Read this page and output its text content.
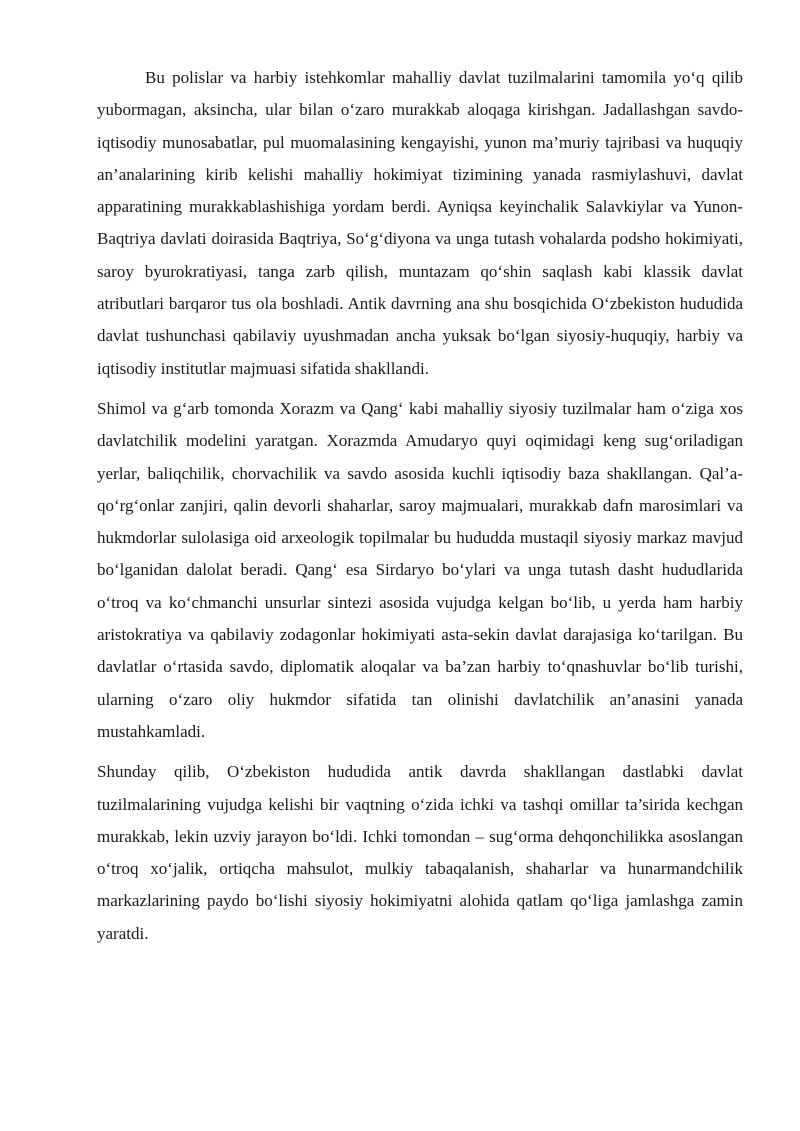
Bu polislar va harbiy istehkomlar mahalliy davlat tuzilmalarini tamomila yo‘q qilib yubormagan, aksincha, ular bilan o‘zaro murakkab aloqaga kirishgan. Jadallashgan savdo-iqtisodiy munosabatlar, pul muomalasining kengayishi, yunon ma’muriy tajribasi va huquqiy an’analarining kirib kelishi mahalliy hokimiyat tizimining yanada rasmiylashuvi, davlat apparatining murakkablashishiga yordam berdi. Ayniqsa keyinchalik Salavkiylar va Yunon-Baqtriya davlati doirasida Baqtriya, So‘g‘diyona va unga tutash vohalarda podsho hokimiyati, saroy byurokratiyasi, tanga zarb qilish, muntazam qo‘shin saqlash kabi klassik davlat atributlari barqaror tus ola boshladi. Antik davrning ana shu bosqichida O‘zbekiston hududida davlat tushunchasi qabilaviy uyushmadan ancha yuksak bo‘lgan siyosiy-huquqiy, harbiy va iqtisodiy institutlar majmuasi sifatida shakllandi.

Shimol va g‘arb tomonda Xorazm va Qang‘ kabi mahalliy siyosiy tuzilmalar ham o‘ziga xos davlatchilik modelini yaratgan. Xorazmda Amudaryo quyi oqimidagi keng sug‘oriladigan yerlar, baliqchilik, chorvachilik va savdo asosida kuchli iqtisodiy baza shakllangan. Qal’a-qo‘rg‘onlar zanjiri, qalin devorli shaharlar, saroy majmualari, murakkab dafn marosimlari va hukmdorlar sulolasiga oid arxeologik topilmalar bu hududda mustaqil siyosiy markaz mavjud bo‘lganidan dalolat beradi. Qang‘ esa Sirdaryo bo‘ylari va unga tutash dasht hududlarida o‘troq va ko‘chmanchi unsurlar sintezi asosida vujudga kelgan bo‘lib, u yerda ham harbiy aristokratiya va qabilaviy zodagonlar hokimiyati asta-sekin davlat darajasiga ko‘tarilgan. Bu davlatlar o‘rtasida savdo, diplomatik aloqalar va ba’zan harbiy to‘qnashuvlar bo‘lib turishi, ularning o‘zaro oliy hukmdor sifatida tan olinishi davlatchilik an’anasini yanada mustahkamladi.

Shunday qilib, O‘zbekiston hududida antik davrda shakllangan dastlabki davlat tuzilmalarining vujudga kelishi bir vaqtning o‘zida ichki va tashqi omillar ta’sirida kechgan murakkab, lekin uzviy jarayon bo‘ldi. Ichki tomondan – sug‘orma dehqonchilikka asoslangan o‘troq xo‘jalik, ortiqcha mahsulot, mulkiy tabaqalanish, shaharlar va hunarmandchilik markazlarining paydo bo‘lishi siyosiy hokimiyatni alohida qatlam qo‘liga jamlashga zamin yaratdi.
